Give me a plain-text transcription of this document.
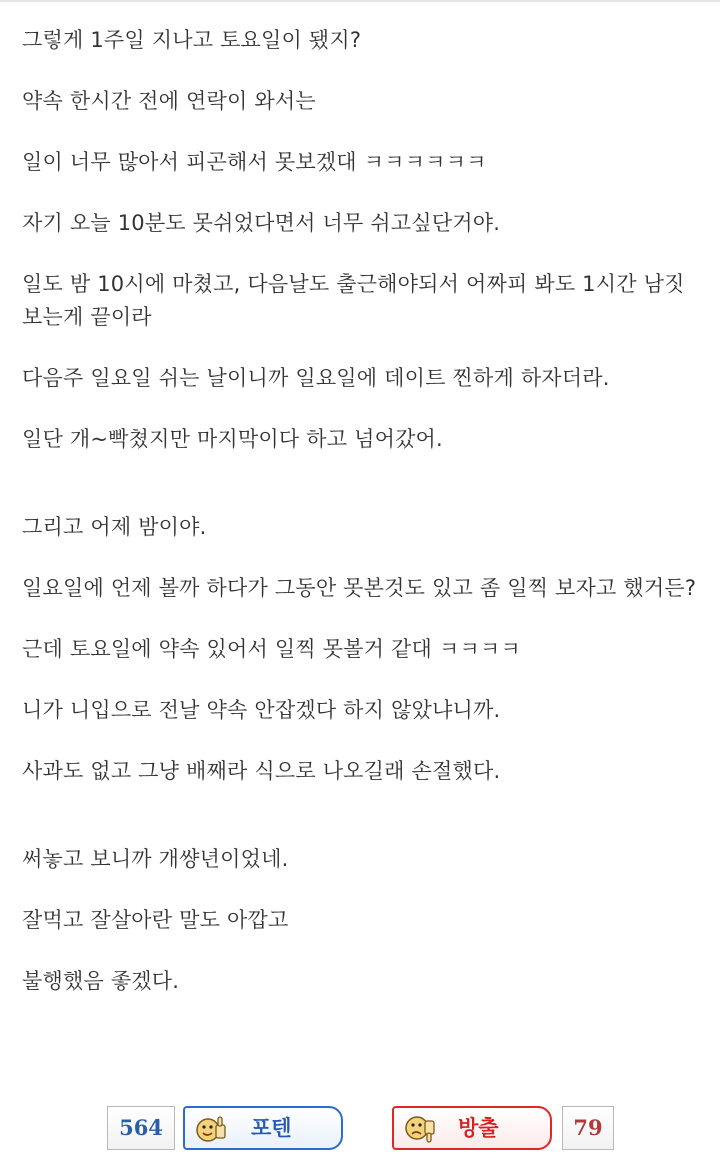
그렇게 1주일 지나고 토요일이 됐지?

약속 한시간 전에 연락이 와서는

일이 너무 많아서 피곤해서 못보겠대 ㅋㅋㅋㅋㅋㅋ

자기 오늘 10분도 못쉬었다면서 너무 쉬고싶단거야.

일도 밤 10시에 마쳤고, 다음날도 출근해야되서 어짜피 봐도 1시간 남짓 보는게 끝이라

다음주 일요일 쉬는 날이니까 일요일에 데이트 찐하게 하자더라.

일단 개~빡쳤지만 마지막이다 하고 넘어갔어.

그리고 어제 밤이야.

일요일에 언제 볼까 하다가 그동안 못본것도 있고 좀 일찍 보자고 했거든?

근데 토요일에 약속 있어서 일찍 못볼거 같대 ㅋㅋㅋㅋ

니가 니입으로 전날 약속 안잡겠다 하지 않았냐니까.

사과도 없고 그냥 배째라 식으로 나오길래 손절했다.

써놓고 보니까 개썅년이었네.

잘먹고 잘살아란 말도 아깝고

불행했음 좋겠다.

564	포텐	방출	79
